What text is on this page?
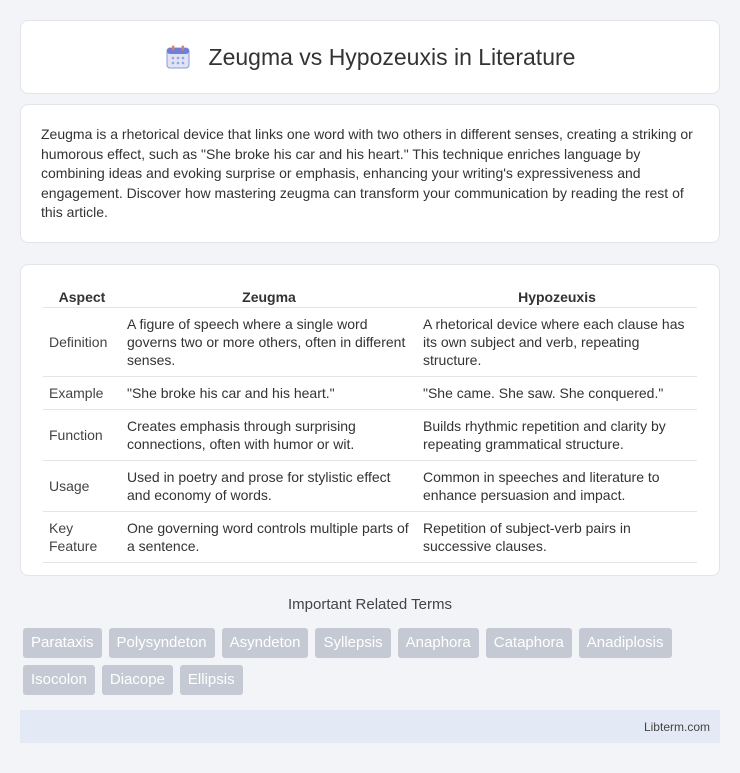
Zeugma vs Hypozeuxis in Literature

Zeugma is a rhetorical device that links one word with two others in different senses, creating a striking or humorous effect, such as "She broke his car and his heart." This technique enriches language by combining ideas and evoking surprise or emphasis, enhancing your writing's expressiveness and engagement. Discover how mastering zeugma can transform your communication by reading the rest of this article.

Aspect	Zeugma	Hypozeuxis
Definition	A figure of speech where a single word governs two or more others, often in different senses.	A rhetorical device where each clause has its own subject and verb, repeating structure.
Example	"She broke his car and his heart."	"She came. She saw. She conquered."
Function	Creates emphasis through surprising connections, often with humor or wit.	Builds rhythmic repetition and clarity by repeating grammatical structure.
Usage	Used in poetry and prose for stylistic effect and economy of words.	Common in speeches and literature to enhance persuasion and impact.
Key Feature	One governing word controls multiple parts of a sentence.	Repetition of subject-verb pairs in successive clauses.
Important Related Terms
Parataxis	Polysyndeton	Asyndeton	Syllepsis	Anaphora	Cataphora	Anadiplosis
Isocolon	Diacope	Ellipsis
Libterm.com
